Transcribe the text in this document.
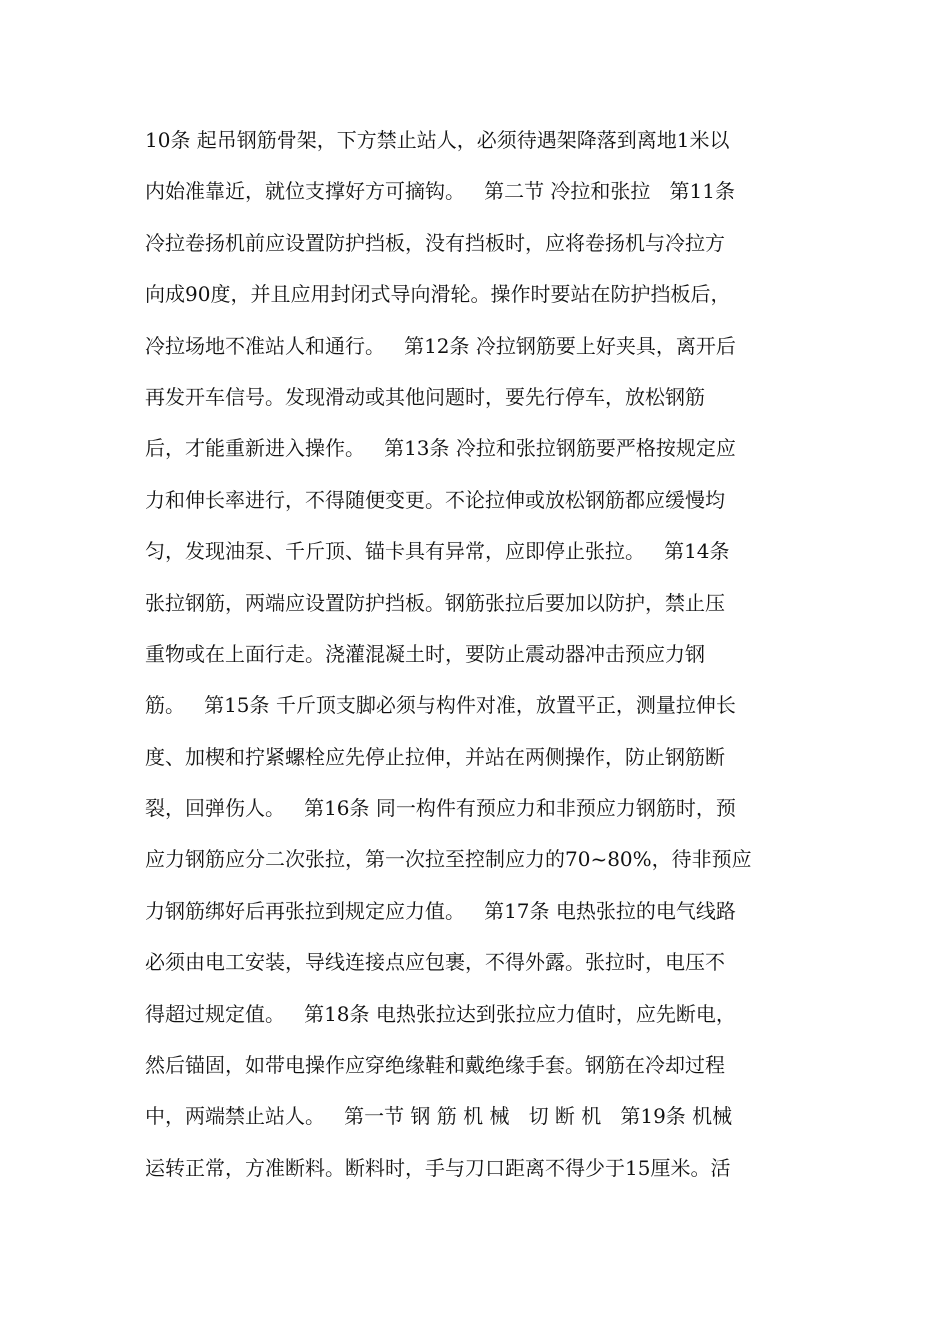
10条 起吊钢筋骨架，下方禁止站人，必须待遇架降落到离地1米以
内始准靠近，就位支撑好方可摘钩。   第二节 冷拉和张拉   第11条
冷拉卷扬机前应设置防护挡板，没有挡板时，应将卷扬机与冷拉方
向成90度，并且应用封闭式导向滑轮。操作时要站在防护挡板后，
冷拉场地不准站人和通行。   第12条 冷拉钢筋要上好夹具，离开后
再发开车信号。发现滑动或其他问题时，要先行停车，放松钢筋
后，才能重新进入操作。   第13条 冷拉和张拉钢筋要严格按规定应
力和伸长率进行，不得随便变更。不论拉伸或放松钢筋都应缓慢均
匀，发现油泵、千斤顶、锚卡具有异常，应即停止张拉。   第14条
张拉钢筋，两端应设置防护挡板。钢筋张拉后要加以防护，禁止压
重物或在上面行走。浇灌混凝土时，要防止震动器冲击预应力钢
筋。   第15条 千斤顶支脚必须与构件对准，放置平正，测量拉伸长
度、加楔和拧紧螺栓应先停止拉伸，并站在两侧操作，防止钢筋断
裂，回弹伤人。   第16条 同一构件有预应力和非预应力钢筋时，预
应力钢筋应分二次张拉，第一次拉至控制应力的70~80%，待非预应
力钢筋绑好后再张拉到规定应力值。   第17条 电热张拉的电气线路
必须由电工安装，导线连接点应包裹，不得外露。张拉时，电压不
得超过规定值。   第18条 电热张拉达到张拉应力值时，应先断电，
然后锚固，如带电操作应穿绝缘鞋和戴绝缘手套。钢筋在冷却过程
中，两端禁止站人。   第一节 钢 筋 机 械   切 断 机   第19条 机械
运转正常，方准断料。断料时，手与刀口距离不得少于15厘米。活
